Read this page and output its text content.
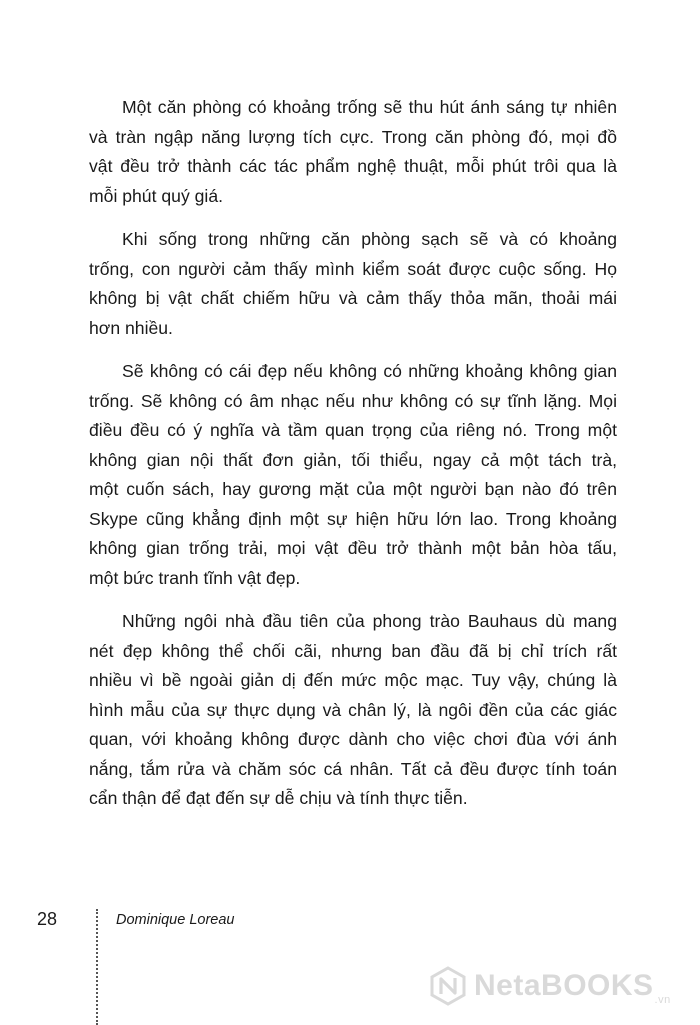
Một căn phòng có khoảng trống sẽ thu hút ánh sáng tự nhiên
và tràn ngập năng lượng tích cực. Trong căn phòng đó, mọi đồ
vật đều trở thành các tác phẩm nghệ thuật, mỗi phút trôi qua là
mỗi phút quý giá.

Khi sống trong những căn phòng sạch sẽ và có khoảng
trống, con người cảm thấy mình kiểm soát được cuộc sống. Họ
không bị vật chất chiếm hữu và cảm thấy thỏa mãn, thoải mái
hơn nhiều.

Sẽ không có cái đẹp nếu không có những khoảng không gian
trống. Sẽ không có âm nhạc nếu như không có sự tĩnh lặng. Mọi
điều đều có ý nghĩa và tầm quan trọng của riêng nó. Trong một
không gian nội thất đơn giản, tối thiểu, ngay cả một tách trà,
một cuốn sách, hay gương mặt của một người bạn nào đó trên
Skype cũng khẳng định một sự hiện hữu lớn lao. Trong khoảng
không gian trống trải, mọi vật đều trở thành một bản hòa tấu,
một bức tranh tĩnh vật đẹp.

Những ngôi nhà đầu tiên của phong trào Bauhaus dù mang
nét đẹp không thể chối cãi, nhưng ban đầu đã bị chỉ trích rất
nhiều vì bề ngoài giản dị đến mức mộc mạc. Tuy vậy, chúng là
hình mẫu của sự thực dụng và chân lý, là ngôi đền của các giác
quan, với khoảng không được dành cho việc chơi đùa với ánh
nắng, tắm rửa và chăm sóc cá nhân. Tất cả đều được tính toán
cẩn thận để đạt đến sự dễ chịu và tính thực tiễn.

28	Dominique Loreau
NetaBOOKS$_{.vn}$
